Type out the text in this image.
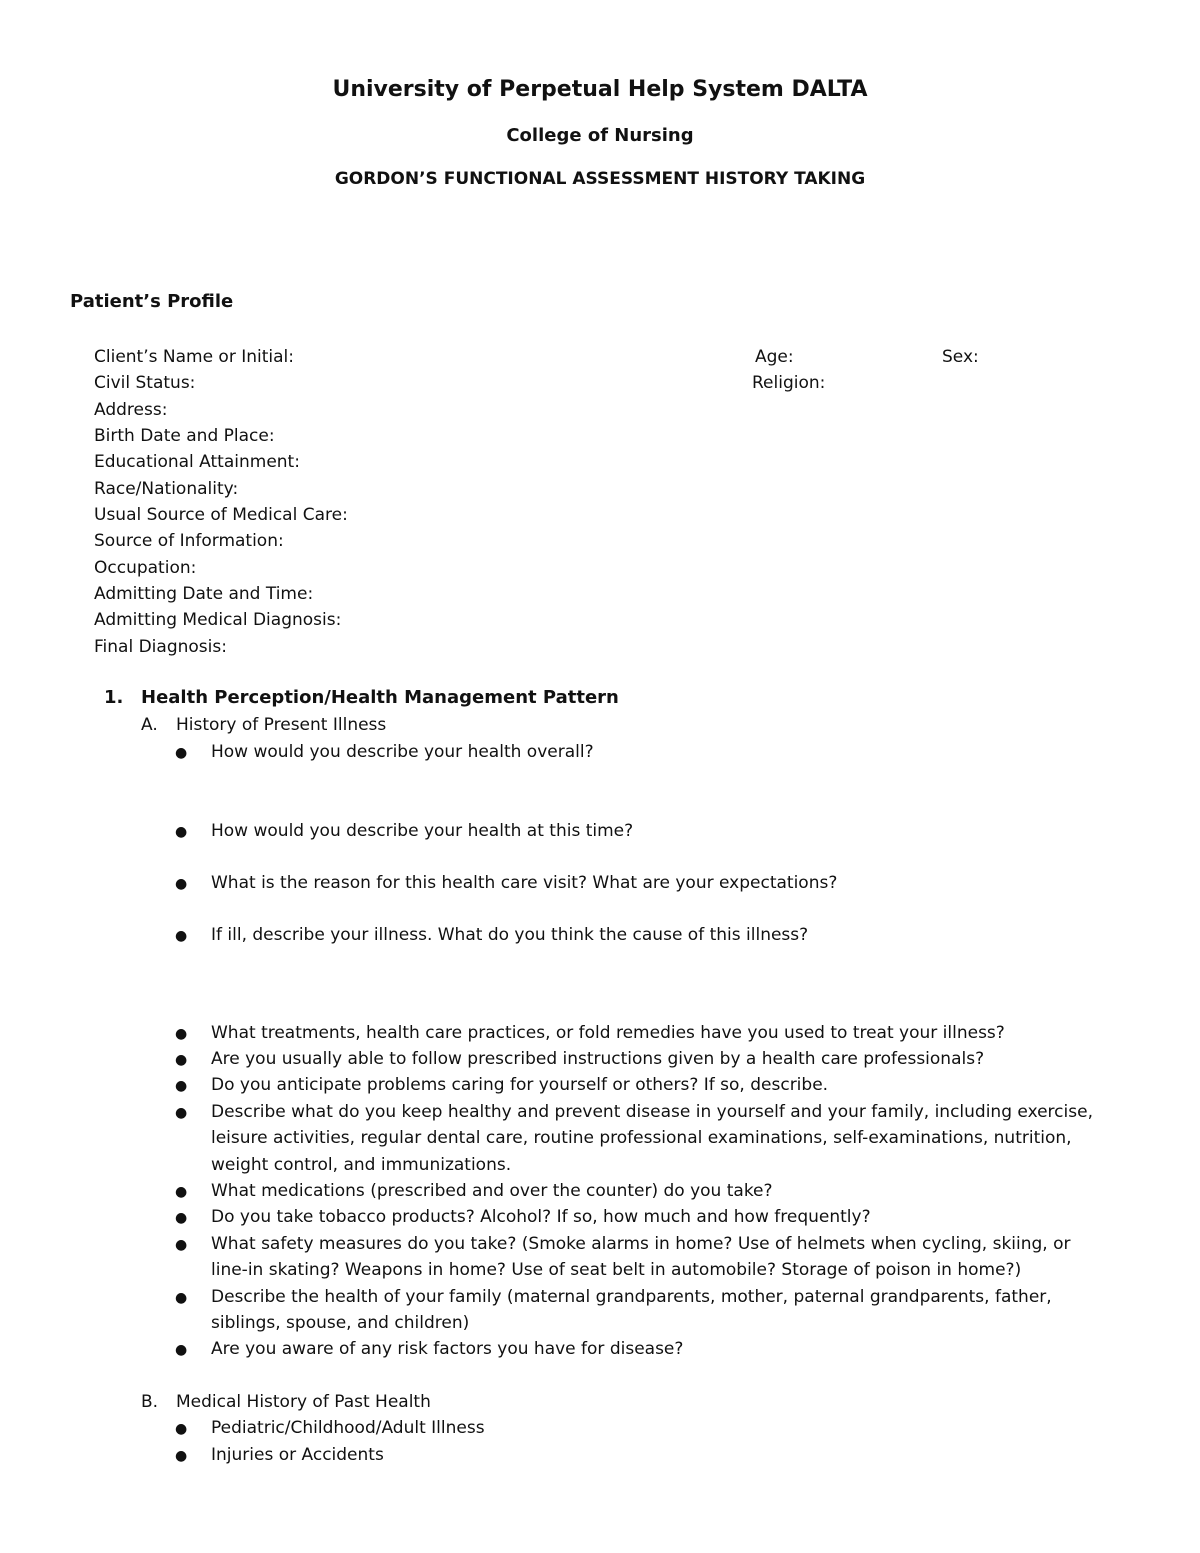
University of Perpetual Help System DALTA
College of Nursing
GORDON’S FUNCTIONAL ASSESSMENT HISTORY TAKING
Patient’s Profile
Client’s Name or Initial:
Civil Status:
Address:
Birth Date and Place:
Educational Attainment:
Race/Nationality:
Usual Source of Medical Care:
Source of Information:
Occupation:
Admitting Date and Time:
Admitting Medical Diagnosis:
Final Diagnosis:
Age:	Sex:
Religion:
1. Health Perception/Health Management Pattern
A. History of Present Illness
● How would you describe your health overall?
● How would you describe your health at this time?
● What is the reason for this health care visit? What are your expectations?
● If ill, describe your illness. What do you think the cause of this illness?
● What treatments, health care practices, or fold remedies have you used to treat your illness?
● Are you usually able to follow prescribed instructions given by a health care professionals?
● Do you anticipate problems caring for yourself or others? If so, describe.
● Describe what do you keep healthy and prevent disease in yourself and your family, including exercise,
leisure activities, regular dental care, routine professional examinations, self-examinations, nutrition,
weight control, and immunizations.
● What medications (prescribed and over the counter) do you take?
● Do you take tobacco products? Alcohol? If so, how much and how frequently?
● What safety measures do you take? (Smoke alarms in home? Use of helmets when cycling, skiing, or
line-in skating? Weapons in home? Use of seat belt in automobile? Storage of poison in home?)
● Describe the health of your family (maternal grandparents, mother, paternal grandparents, father,
siblings, spouse, and children)
● Are you aware of any risk factors you have for disease?
B. Medical History of Past Health
● Pediatric/Childhood/Adult Illness
● Injuries or Accidents
